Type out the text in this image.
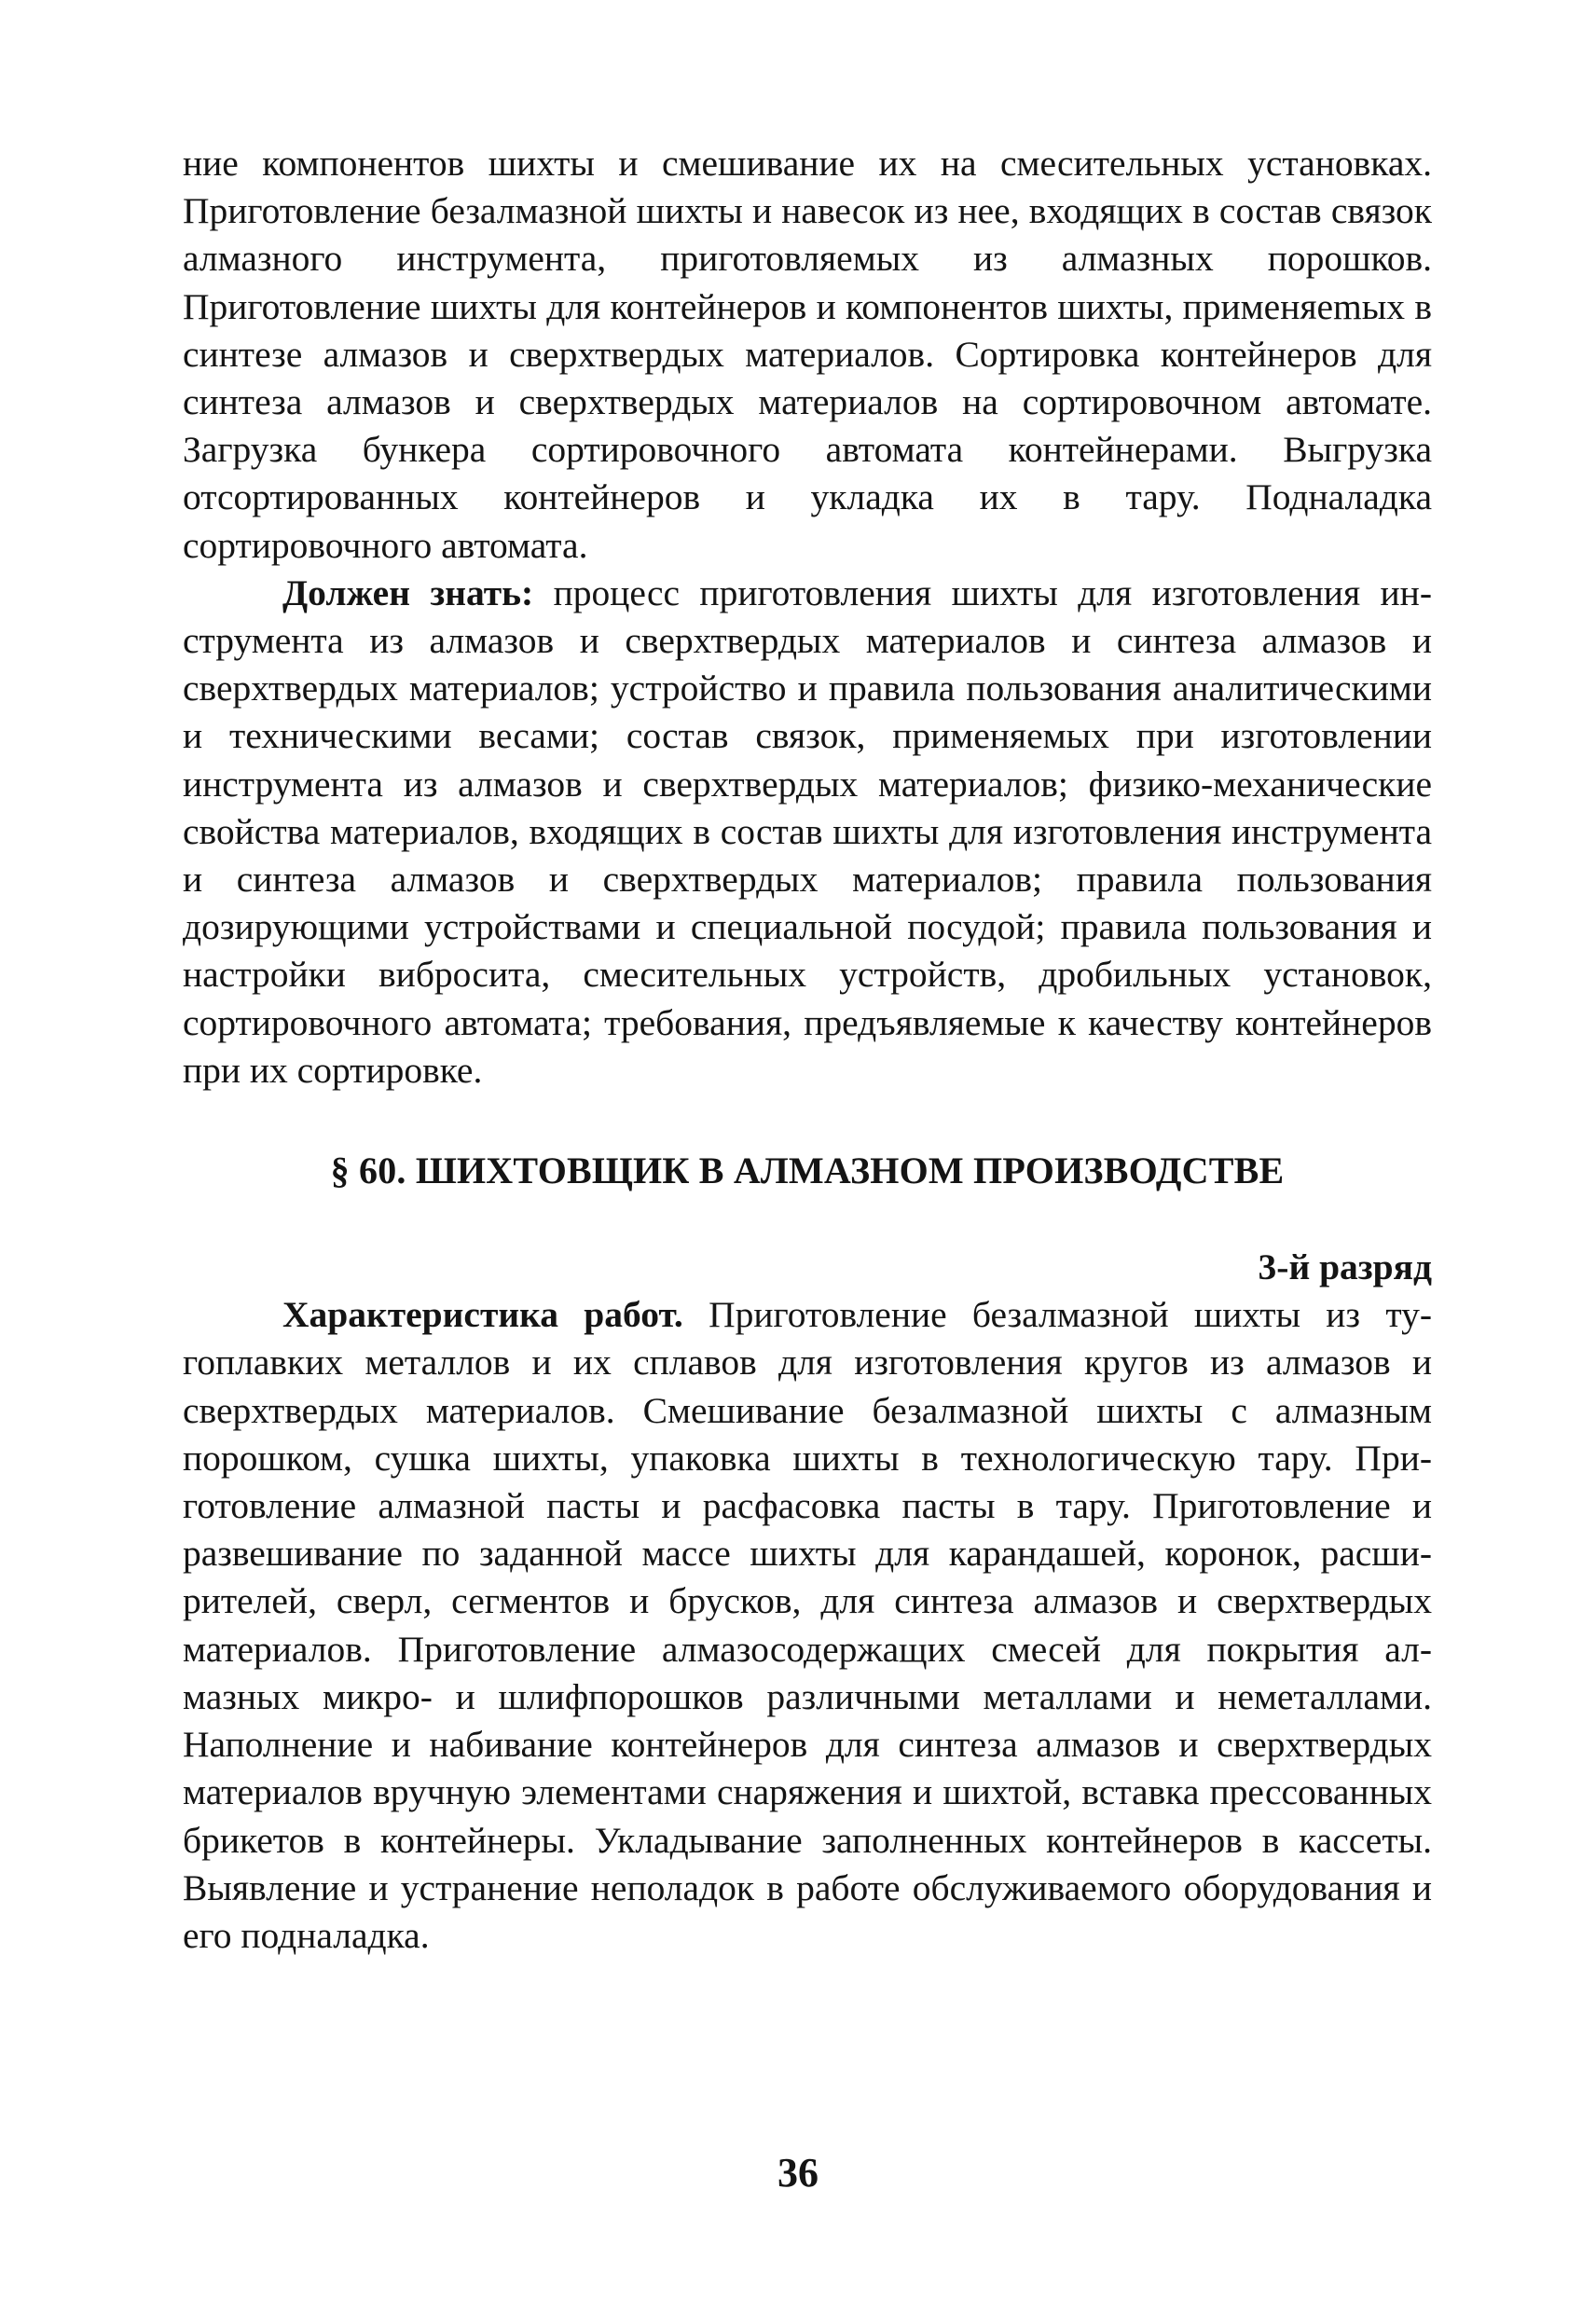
ние компонентов шихты и смешивание их на смесительных установках. Приготовление безалмазной шихты и навесок из нее, входящих в состав связок алмазного инструмента, приготовляемых из алмазных порошков. Приготовление шихты для контейнеров и компонентов шихты, применяеmых в синтезе алмазов и сверхтвердых материалов. Сортировка контейнеров для синтеза алмазов и сверхтвердых материалов на сортировочном автомате. Загрузка бункера сортировочного автомата контейнерами. Выгрузка отсортированных контейнеров и укладка их в тару. Подналадка сортировочного автомата.

Должен знать: процесс приготовления шихты для изготовления инструмента из алмазов и сверхтвердых материалов и синтеза алмазов и сверхтвердых материалов; устройство и правила пользования аналитическими и техническими весами; состав связок, применяемых при изготовлении инструмента из алмазов и сверхтвердых материалов; физико-механические свойства материалов, входящих в состав шихты для изготовления инструмента и синтеза алмазов и сверхтвердых материалов; правила пользования дозирующими устройствами и специальной посудой; правила пользования и настройки вибросита, смесительных устройств, дробильных установок, сортировочного автомата; требования, предъявляемые к качеству контейнеров при их сортировке.

§ 60. ШИХТОВЩИК В АЛМАЗНОМ ПРОИЗВОДСТВЕ
3-й разряд

Характеристика работ. Приготовление безалмазной шихты из тугоплавких металлов и их сплавов для изготовления кругов из алмазов и сверхтвердых материалов. Смешивание безалмазной шихты с алмазным порошком, сушка шихты, упаковка шихты в технологическую тару. Приготовление алмазной пасты и расфасовка пасты в тару. Приготовление и развешивание по заданной массе шихты для карандашей, коронок, расширителей, сверл, сегментов и брусков, для синтеза алмазов и сверхтвердых материалов. Приготовление алмазосодержащих смесей для покрытия алмазных микро- и шлифпорошков различными металлами и неметаллами. Наполнение и набивание контейнеров для синтеза алмазов и сверхтвердых материалов вручную элементами снаряжения и шихтой, вставка прессованных брикетов в контейнеры. Укладывание заполненных контейнеров в кассеты. Выявление и устранение неполадок в работе обслуживаемого оборудования и его подналадка.

36
